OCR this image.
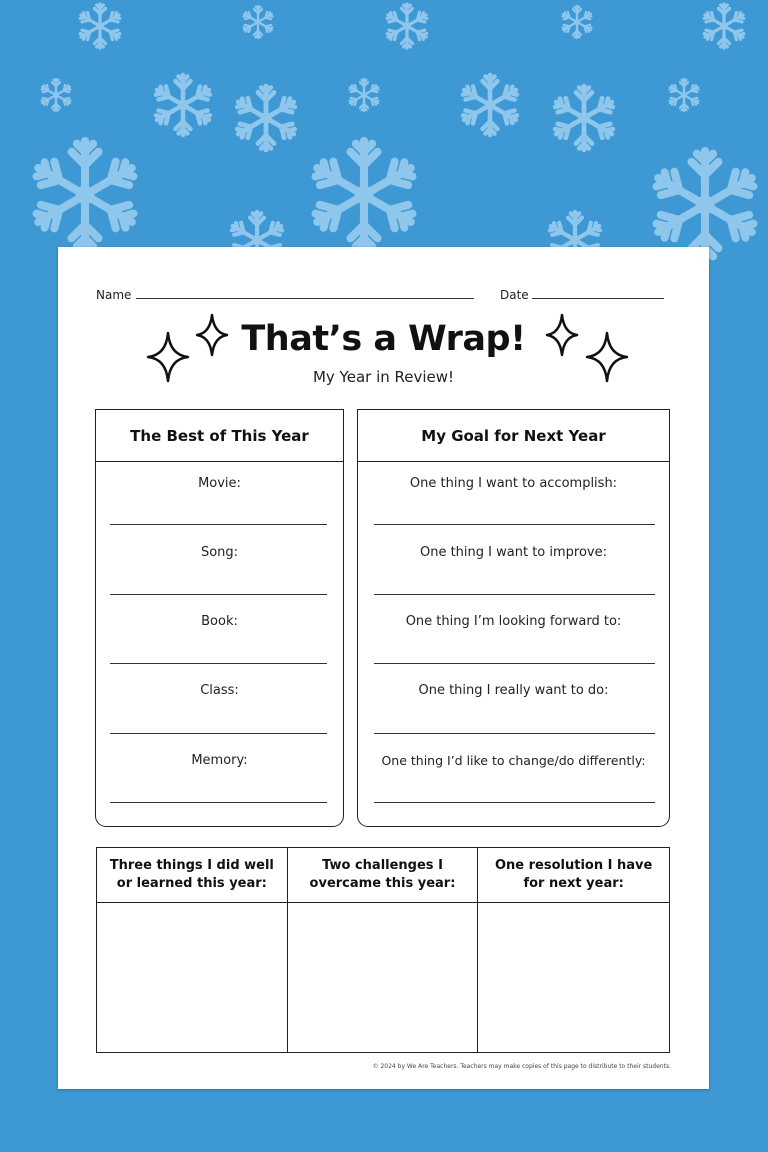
Name	Date
That’s a Wrap!
My Year in Review!
The Best of This Year
Movie:
Song:
Book:
Class:
Memory:
My Goal for Next Year
One thing I want to accomplish:
One thing I want to improve:
One thing I’m looking forward to:
One thing I really want to do:
One thing I’d like to change/do differently:
Three things I did well or learned this year:
Two challenges I overcame this year:
One resolution I have for next year:
© 2024 by We Are Teachers. Teachers may make copies of this page to distribute to their students.
